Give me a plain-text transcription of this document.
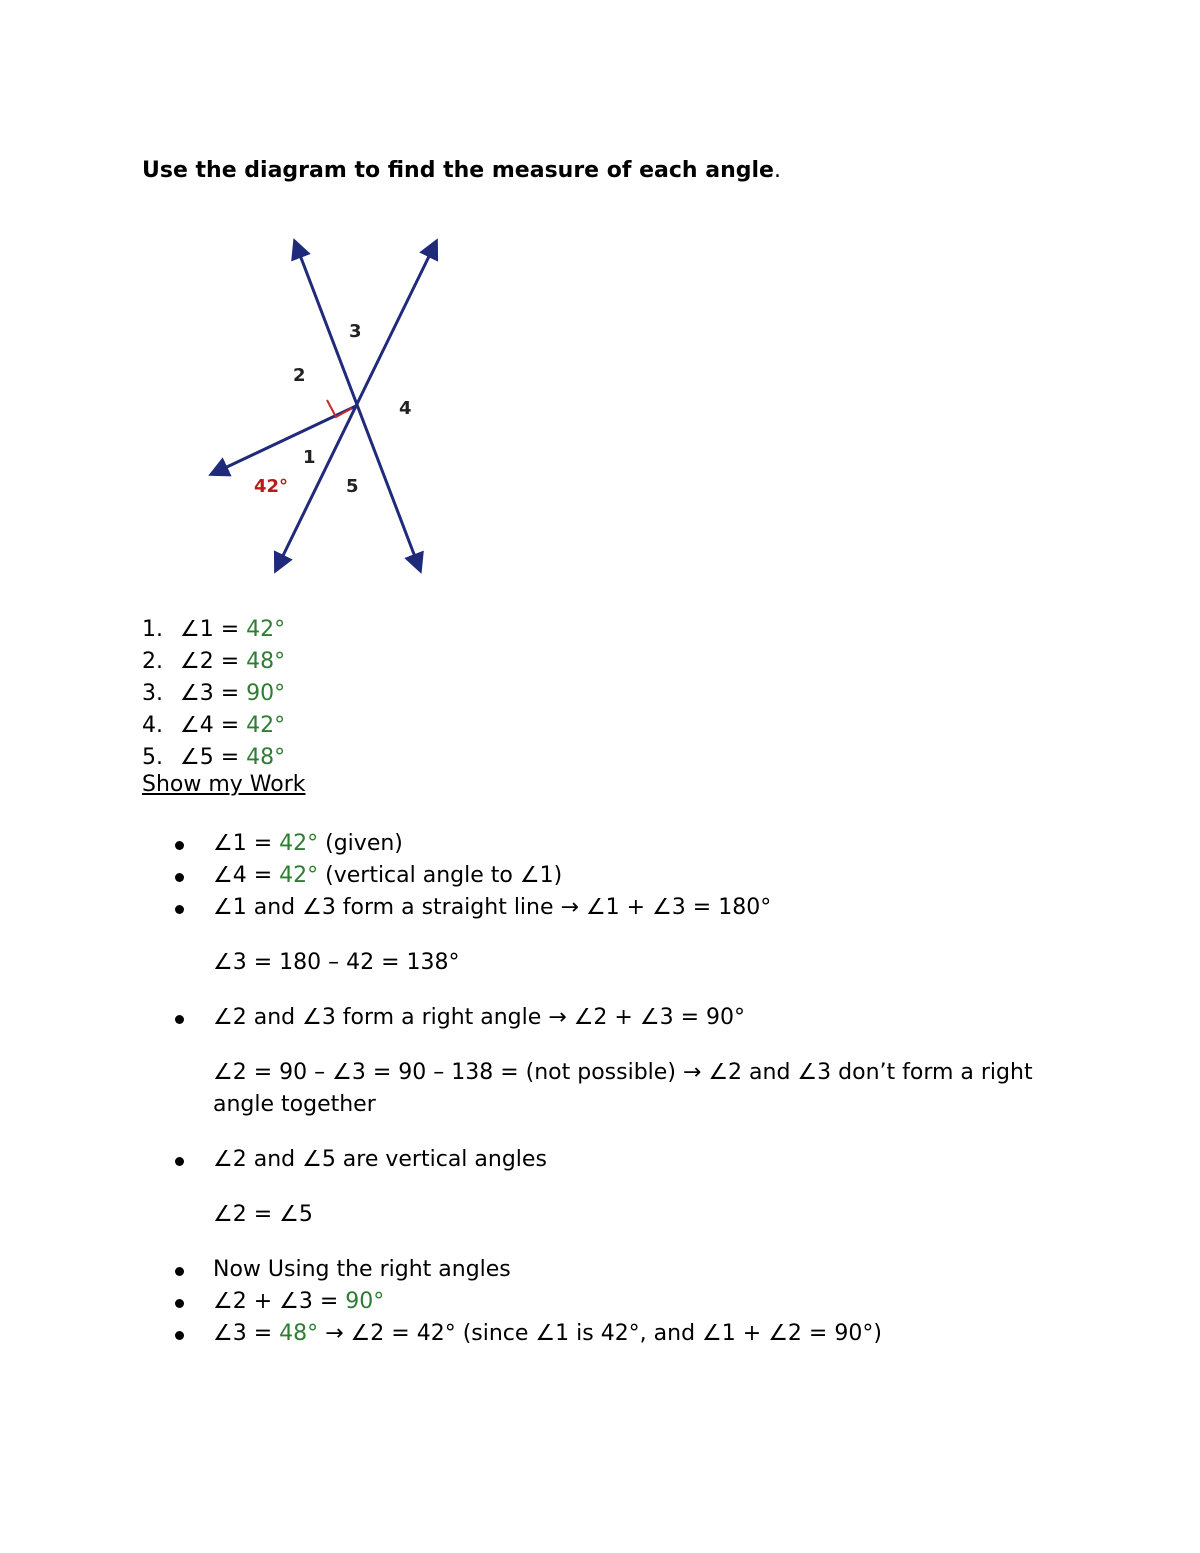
Use the diagram to find the measure of each angle.
3
2
4
1
5
42°
1. ∠1 = 42°
2. ∠2 = 48°
3. ∠3 = 90°
4. ∠4 = 42°
5. ∠5 = 48°
Show my Work
∠1 = 42° (given)
∠4 = 42° (vertical angle to ∠1)
∠1 and ∠3 form a straight line → ∠1 + ∠3 = 180°
∠3 = 180 – 42 = 138°
∠2 and ∠3 form a right angle → ∠2 + ∠3 = 90°
∠2 = 90 – ∠3 = 90 – 138 = (not possible) → ∠2 and ∠3 don’t form a right angle together
∠2 and ∠5 are vertical angles
∠2 = ∠5
Now Using the right angles
∠2 + ∠3 = 90°
∠3 = 48° → ∠2 = 42° (since ∠1 is 42°, and ∠1 + ∠2 = 90°)
